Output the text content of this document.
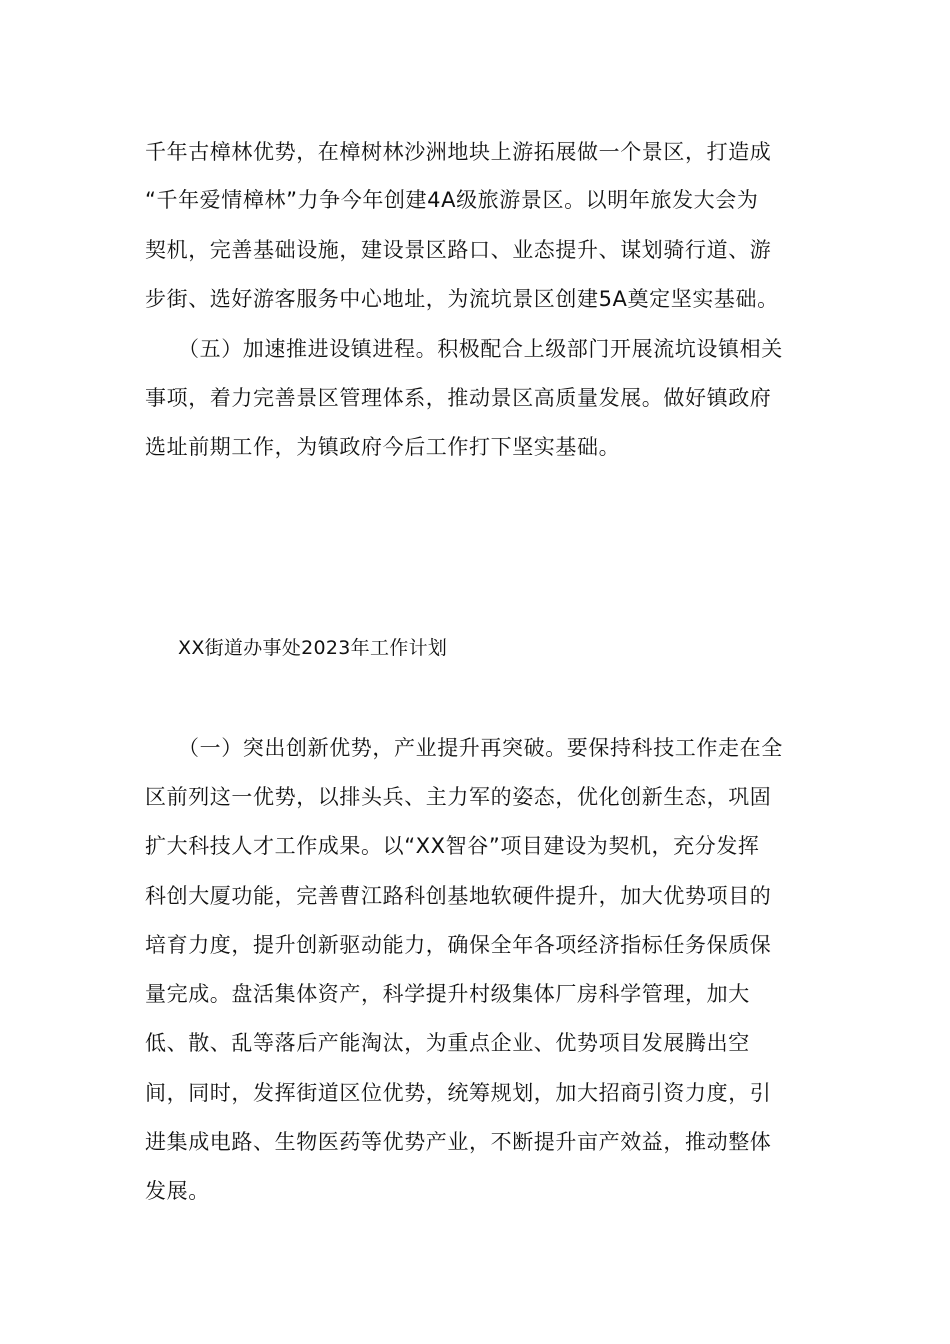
千年古樟林优势，在樟树林沙洲地块上游拓展做一个景区，打造成
“千年爱情樟林”力争今年创建4A级旅游景区。以明年旅发大会为
契机，完善基础设施，建设景区路口、业态提升、谋划骑行道、游
步街、选好游客服务中心地址，为流坑景区创建5A奠定坚实基础。
（五）加速推进设镇进程。积极配合上级部门开展流坑设镇相关
事项，着力完善景区管理体系，推动景区高质量发展。做好镇政府
选址前期工作，为镇政府今后工作打下坚实基础。
XX街道办事处2023年工作计划
（一）突出创新优势，产业提升再突破。要保持科技工作走在全
区前列这一优势，以排头兵、主力军的姿态，优化创新生态，巩固
扩大科技人才工作成果。以“XX智谷”项目建设为契机，充分发挥
科创大厦功能，完善曹江路科创基地软硬件提升，加大优势项目的
培育力度，提升创新驱动能力，确保全年各项经济指标任务保质保
量完成。盘活集体资产，科学提升村级集体厂房科学管理，加大
低、散、乱等落后产能淘汰，为重点企业、优势项目发展腾出空
间，同时，发挥街道区位优势，统筹规划，加大招商引资力度，引
进集成电路、生物医药等优势产业，不断提升亩产效益，推动整体
发展。
